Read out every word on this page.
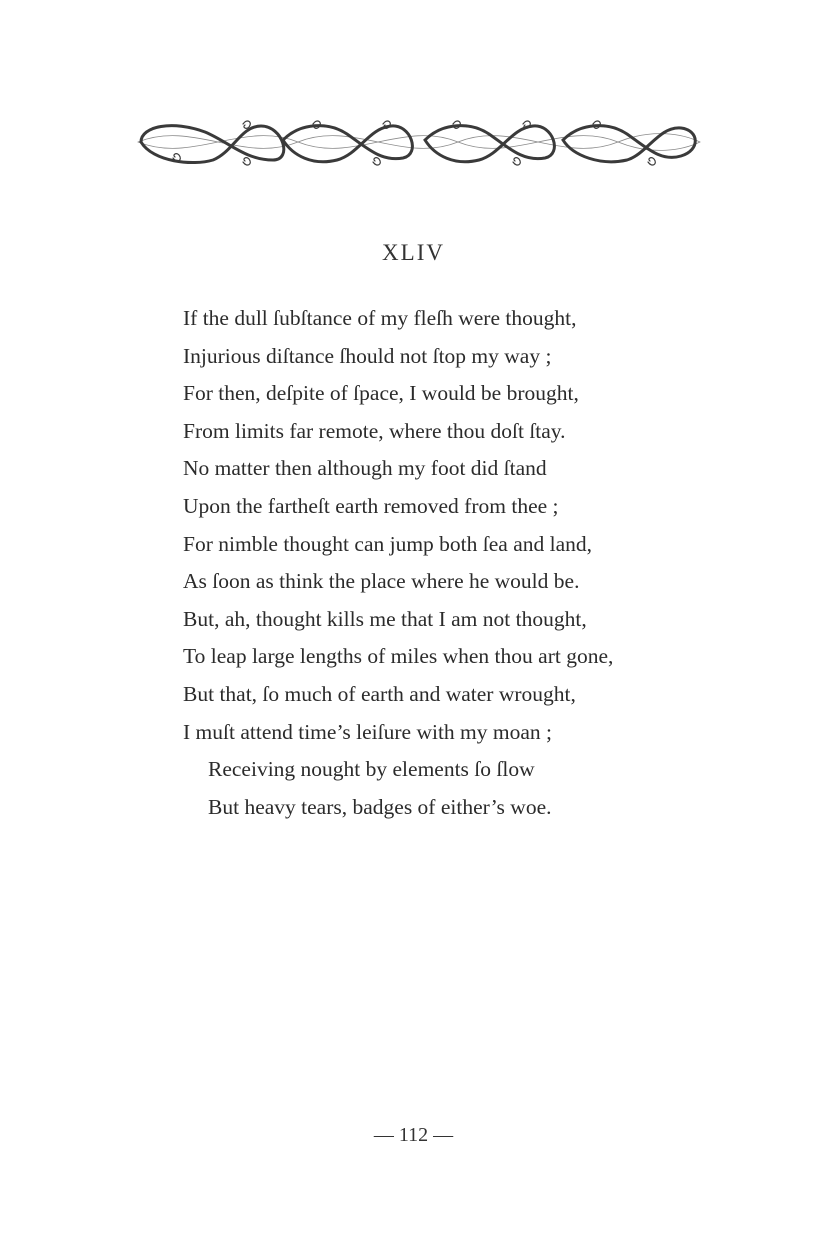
XLIV
If the dull ſubſtance of my fleſh were thought,
Injurious diſtance ſhould not ſtop my way ;
For then, deſpite of ſpace, I would be brought,
From limits far remote, where thou doſt ſtay.
No matter then although my foot did ſtand
Upon the fartheſt earth removed from thee ;
For nimble thought can jump both ſea and land,
As ſoon as think the place where he would be.
But, ah, thought kills me that I am not thought,
To leap large lengths of miles when thou art gone,
But that, ſo much of earth and water wrought,
I muſt attend time’s leiſure with my moan ;
Receiving nought by elements ſo ſlow
But heavy tears, badges of either’s woe.
— 112 —
